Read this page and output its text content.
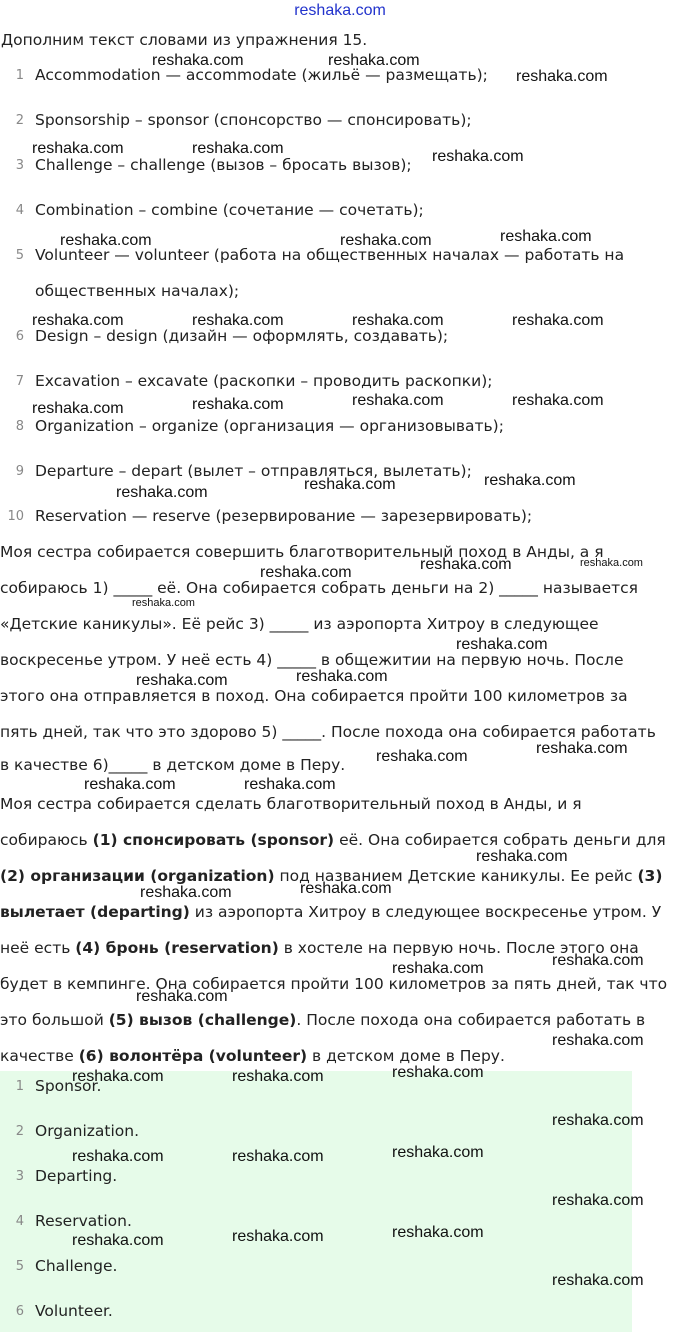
reshaka.com
Дополним текст словами из упражнения 15.
1 Accommodation — accommodate (жильё — размещать);
2 Sponsorship – sponsor (спонсорство — спонсировать);
3 Challenge – challenge (вызов – бросать вызов);
4 Combination – combine (сочетание — сочетать);
5 Volunteer — volunteer (работа на общественных началах — работать на общественных началах);
6 Design – design (дизайн — оформлять, создавать);
7 Excavation – excavate (раскопки – проводить раскопки);
8 Organization – organize (организация — организовывать);
9 Departure – depart (вылет – отправляться, вылетать);
10 Reservation — reserve (резервирование — зарезервировать);
Моя сестра собирается совершить благотворительный поход в Анды, а я
собираюсь 1) _____ её. Она собирается собрать деньги на 2) _____ называется
«Детские каникулы». Её рейс 3) _____ из аэропорта Хитроу в следующее
воскресенье утром. У неё есть 4) _____ в общежитии на первую ночь. После
этого она отправляется в поход. Она собирается пройти 100 километров за
пять дней, так что это здорово 5) _____. После похода она собирается работать
в качестве 6)_____ в детском доме в Перу.
Моя сестра собирается сделать благотворительный поход в Анды, и я
собираюсь (1) спонсировать (sponsor) её. Она собирается собрать деньги для
(2) организации (organization) под названием Детские каникулы. Ее рейс (3)
вылетает (departing) из аэропорта Хитроу в следующее воскресенье утром. У
неё есть (4) бронь (reservation) в хостеле на первую ночь. После этого она
будет в кемпинге. Она собирается пройти 100 километров за пять дней, так что
это большой (5) вызов (challenge). После похода она собирается работать в
качестве (6) волонтёра (volunteer) в детском доме в Перу.
1 Sponsor.
2 Organization.
3 Departing.
4 Reservation.
5 Challenge.
6 Volunteer.
reshaka.com	reshaka.com
reshaka.com
reshaka.com	reshaka.com	reshaka.com
reshaka.com	reshaka.com	reshaka.com
reshaka.com	reshaka.com	reshaka.com	reshaka.com
reshaka.com	reshaka.com	reshaka.com	reshaka.com
reshaka.com	reshaka.com	reshaka.com
reshaka.com	reshaka.com
reshaka.com
reshaka.com
reshaka.com
reshaka.com	reshaka.com
reshaka.com
reshaka.com
reshaka.com	reshaka.com
reshaka.com
reshaka.com	reshaka.com
reshaka.com
reshaka.com
reshaka.com
reshaka.com
reshaka.com	reshaka.com	reshaka.com
reshaka.com
reshaka.com	reshaka.com	reshaka.com
reshaka.com
reshaka.com	reshaka.com	reshaka.com
reshaka.com
